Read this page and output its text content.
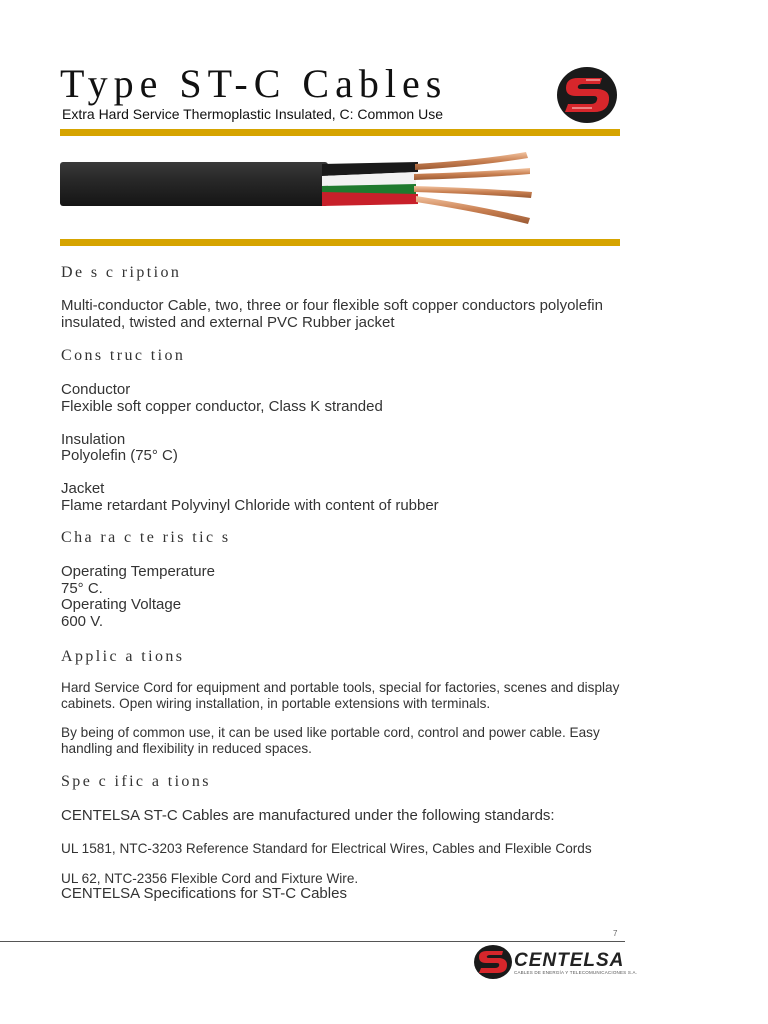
Type ST-C Cables
Extra Hard Service Thermoplastic Insulated, C: Common Use
De s c ription
Multi-conductor Cable, two, three or four flexible soft copper conductors polyolefin insulated, twisted and external PVC Rubber jacket
Cons truc tion
Conductor
Flexible soft copper conductor, Class K stranded
Insulation
Polyolefin (75° C)
Jacket
Flame retardant Polyvinyl Chloride with content of rubber
Cha ra c te ris tic s
Operating Temperature
75° C.
Operating Voltage
600 V.
Applic a tions
Hard Service Cord for equipment and portable tools, special for factories, scenes and display cabinets. Open wiring installation, in portable extensions with terminals.
By being of common use, it can be used like portable cord, control and power cable. Easy handling and flexibility in reduced spaces.
Spe c ific a tions
CENTELSA ST-C Cables are manufactured under the following standards:
UL 1581, NTC-3203 Reference Standard for Electrical Wires, Cables and Flexible Cords
UL 62, NTC-2356 Flexible Cord and Fixture Wire.
CENTELSA Specifications for ST-C Cables
7
CENTELSA
CABLES DE ENERGÍA Y TELECOMUNICACIONES S.A.
